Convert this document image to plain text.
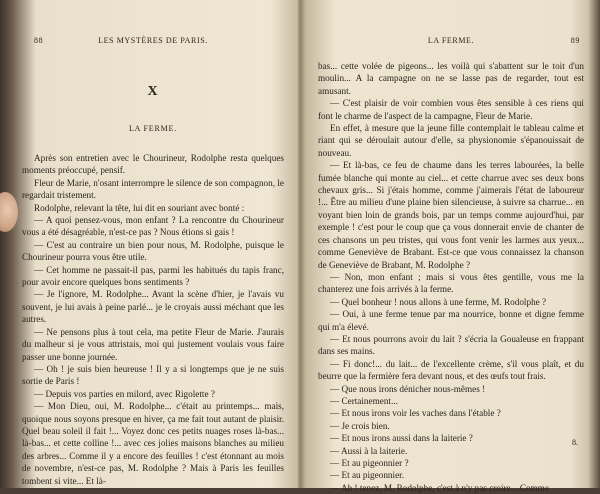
88	LES MYSTÈRES DE PARIS.
X
LA FERME.

Après son entretien avec le Chourineur, Rodolphe resta quelques moments préoccupé, pensif.

Fleur de Marie, n'osant interrompre le silence de son compagnon, le regardait tristement.

Rodolphe, relevant la tête, lui dit en souriant avec bonté :

— A quoi pensez-vous, mon enfant ? La rencontre du Chourineur vous a été désagréable, n'est-ce pas ? Nous étions si gais !

— C'est au contraire un bien pour nous, M. Rodolphe, puisque le Chourineur pourra vous être utile.

— Cet homme ne passait-il pas, parmi les habitués du tapis franc, pour avoir encore quelques bons sentiments ?

— Je l'ignore, M. Rodolphe... Avant la scène d'hier, je l'avais vu souvent, je lui avais à peine parlé... je le croyais aussi méchant que les autres.

— Ne pensons plus à tout cela, ma petite Fleur de Marie. J'aurais du malheur si je vous attristais, moi qui justement voulais vous faire passer une bonne journée.

— Oh ! je suis bien heureuse ! Il y a si longtemps que je ne suis sortie de Paris !

— Depuis vos parties en milord, avec Rigolette ?

— Mon Dieu, oui, M. Rodolphe... c'était au printemps... mais, quoique nous soyons presque en hiver, ça me fait tout autant de plaisir. Quel beau soleil il fait !... Voyez donc ces petits nuages roses là-bas... là-bas... et cette colline !... avec ces jolies maisons blanches au milieu des arbres... Comme il y a encore des feuilles ! c'est étonnant au mois de novembre, n'est-ce pas, M. Rodolphe ? Mais à Paris les feuilles tombent si vite... Et là-

LA FERME.	89

bas... cette volée de pigeons... les voilà qui s'abattent sur le toit d'un moulin... A la campagne on ne se lasse pas de regarder, tout est amusant.

— C'est plaisir de voir combien vous êtes sensible à ces riens qui font le charme de l'aspect de la campagne, Fleur de Marie.

En effet, à mesure que la jeune fille contemplait le tableau calme et riant qui se déroulait autour d'elle, sa physionomie s'épanouissait de nouveau.

— Et là-bas, ce feu de chaume dans les terres labourées, la belle fumée blanche qui monte au ciel... et cette charrue avec ses deux bons chevaux gris... Si j'étais homme, comme j'aimerais l'état de laboureur !... Être au milieu d'une plaine bien silencieuse, à suivre sa charrue... en voyant bien loin de grands bois, par un temps comme aujourd'hui, par exemple ! c'est pour le coup que ça vous donnerait envie de chanter de ces chansons un peu tristes, qui vous font venir les larmes aux yeux... comme Geneviève de Brabant. Est-ce que vous connaissez la chanson de Geneviève de Brabant, M. Rodolphe ?

— Non, mon enfant ; mais si vous êtes gentille, vous me la chanterez une fois arrivés à la ferme.

— Quel bonheur ! nous allons à une ferme, M. Rodolphe ?

— Oui, à une ferme tenue par ma nourrice, bonne et digne femme qui m'a élevé.

— Et nous pourrons avoir du lait ? s'écria la Goualeuse en frappant dans ses mains.

— Fi donc!... du lait... de l'excellente crème, s'il vous plaît, et du beurre que la fermière fera devant nous, et des œufs tout frais.

— Que nous irons dénicher nous-mêmes !

— Certainement...

— Et nous irons voir les vaches dans l'étable ?

— Je crois bien.

— Et nous irons aussi dans la laiterie ?

— Aussi à la laiterie.

— Et au pigeonnier ?

— Et au pigeonnier.

— Ah ! tenez, M. Rodolphe, c'est à n'y pas croire... Comme

8.
